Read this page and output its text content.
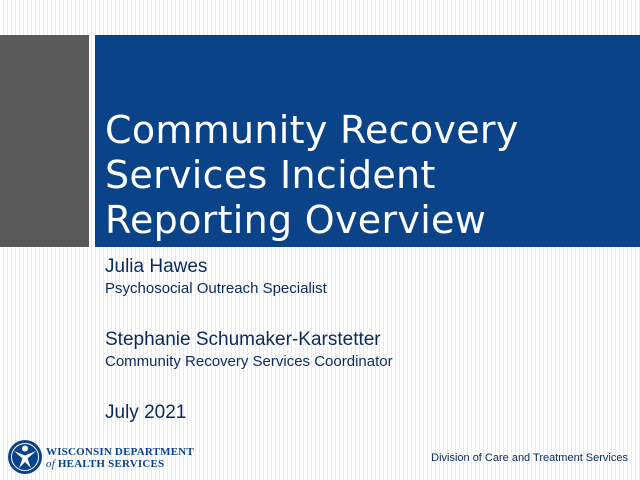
Community Recovery Services Incident Reporting Overview
Julia Hawes
Psychosocial Outreach Specialist
Stephanie Schumaker-Karstetter
Community Recovery Services Coordinator
July 2021
WISCONSIN DEPARTMENT
of HEALTH SERVICES	Division of Care and Treatment Services
